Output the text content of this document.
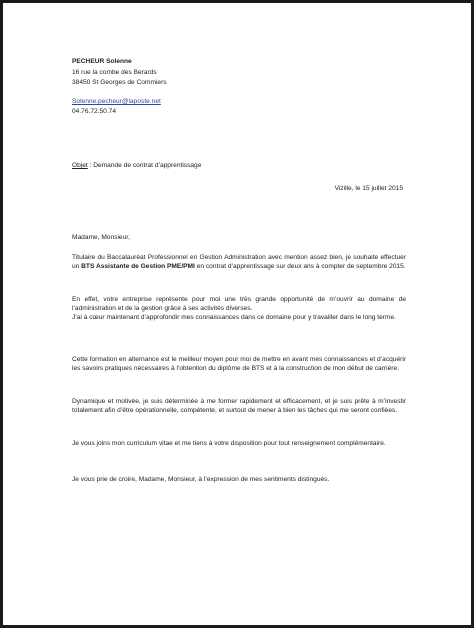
PECHEUR Solenne
16 rue la combe des Berards
38450 St Georges de Commiers
Solenne.pecheur@laposte.net
04.76.72.50.74
Objet : Demande de contrat d’apprentissage
Vizille, le 15 juillet 2015
Madame, Monsieur,
Titulaire du Baccalauréat Professionnel en Gestion Administration avec mention assez bien, je souhaite effectuer un BTS Assistante de Gestion PME/PMI en contrat d’apprentissage sur deux ans à compter de septembre 2015.
En effet, votre entreprise représente pour moi une très grande opportunité de m’ouvrir au domaine de l’administration et de la gestion grâce à ses activités diverses.
J’ai à cœur maintenant d’approfondir mes connaissances dans ce domaine pour y travailler dans le long terme.
Cette formation en alternance est le meilleur moyen pour moi de mettre en avant mes connaissances et d’acquérir les savoirs pratiques nécessaires à l’obtention du diplôme de BTS et à la construction de mon début de carrière.
Dynamique et motivée, je suis déterminée à me former rapidement et efficacement, et je suis prête à m’investir totalement afin d’être opérationnelle, compétente, et surtout de mener à bien les tâches qui me seront confiées.
Je vous joins mon curriculum vitae et me tiens à votre disposition pour tout renseignement complémentaire.
Je vous prie de croire, Madame, Monsieur, à l’expression de mes sentiments distingués.
